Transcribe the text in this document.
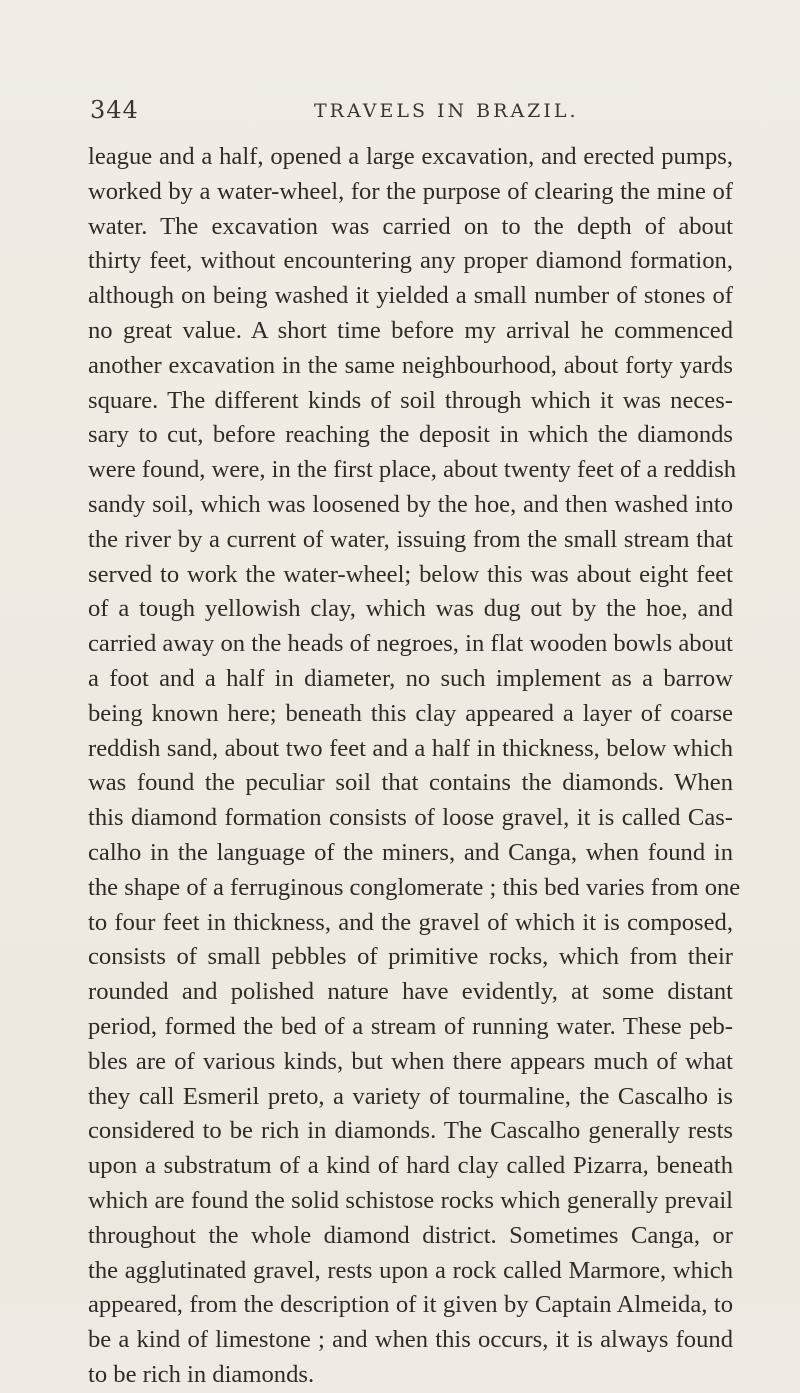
344	TRAVELS IN BRAZIL.
league and a half, opened a large excavation, and erected pumps,
worked by a water-wheel, for the purpose of clearing the mine of
water. The excavation was carried on to the depth of about
thirty feet, without encountering any proper diamond formation,
although on being washed it yielded a small number of stones of
no great value. A short time before my arrival he commenced
another excavation in the same neighbourhood, about forty yards
square. The different kinds of soil through which it was neces-
sary to cut, before reaching the deposit in which the diamonds
were found, were, in the first place, about twenty feet of a reddish
sandy soil, which was loosened by the hoe, and then washed into
the river by a current of water, issuing from the small stream that
served to work the water-wheel; below this was about eight feet
of a tough yellowish clay, which was dug out by the hoe, and
carried away on the heads of negroes, in flat wooden bowls about
a foot and a half in diameter, no such implement as a barrow
being known here; beneath this clay appeared a layer of coarse
reddish sand, about two feet and a half in thickness, below which
was found the peculiar soil that contains the diamonds. When
this diamond formation consists of loose gravel, it is called Cas-
calho in the language of the miners, and Canga, when found in
the shape of a ferruginous conglomerate ; this bed varies from one
to four feet in thickness, and the gravel of which it is composed,
consists of small pebbles of primitive rocks, which from their
rounded and polished nature have evidently, at some distant
period, formed the bed of a stream of running water. These peb-
bles are of various kinds, but when there appears much of what
they call Esmeril preto, a variety of tourmaline, the Cascalho is
considered to be rich in diamonds. The Cascalho generally rests
upon a substratum of a kind of hard clay called Pizarra, beneath
which are found the solid schistose rocks which generally prevail
throughout the whole diamond district. Sometimes Canga, or
the agglutinated gravel, rests upon a rock called Marmore, which
appeared, from the description of it given by Captain Almeida, to
be a kind of limestone ; and when this occurs, it is always found
to be rich in diamonds.
